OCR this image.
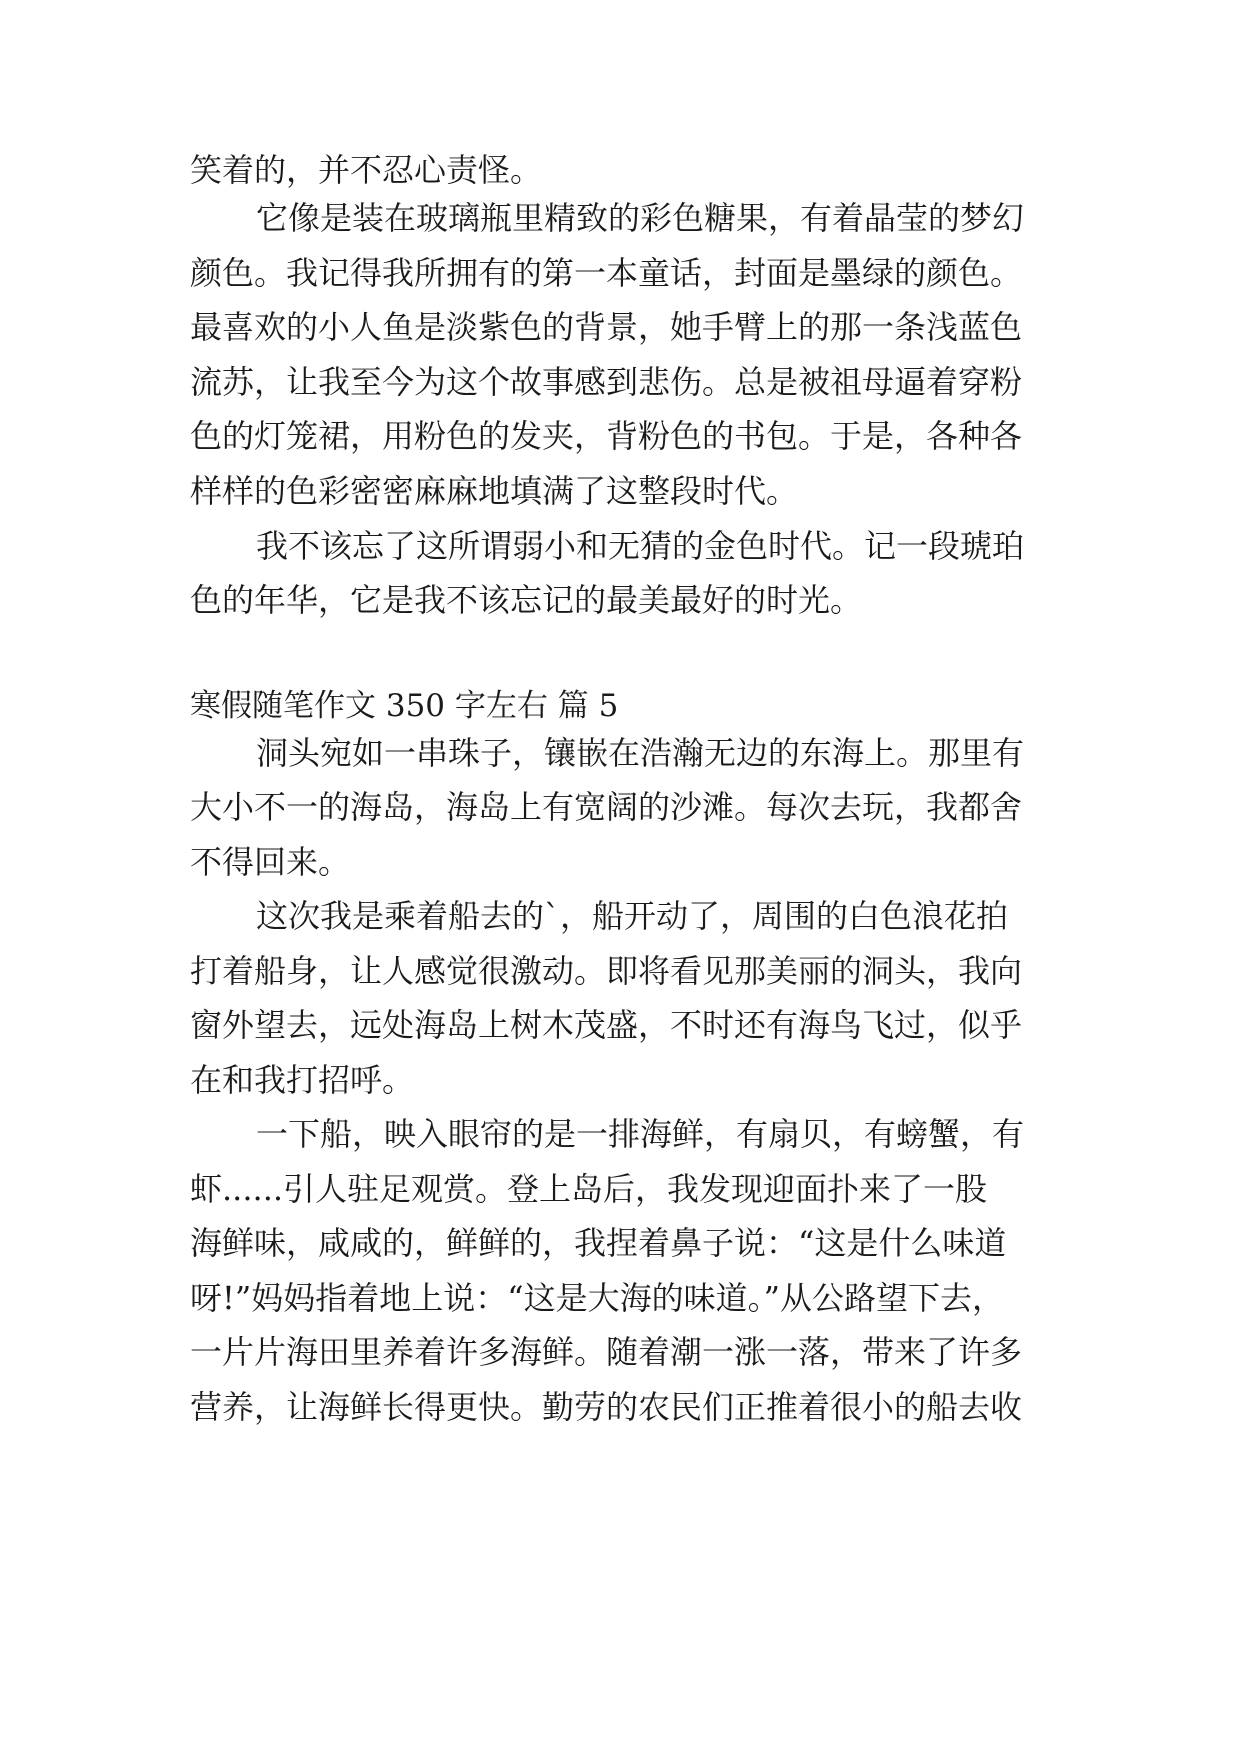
笑着的，并不忍心责怪。
它像是装在玻璃瓶里精致的彩色糖果，有着晶莹的梦幻
颜色。我记得我所拥有的第一本童话，封面是墨绿的颜色。
最喜欢的小人鱼是淡紫色的背景，她手臂上的那一条浅蓝色
流苏，让我至今为这个故事感到悲伤。总是被祖母逼着穿粉
色的灯笼裙，用粉色的发夹，背粉色的书包。于是，各种各
样样的色彩密密麻麻地填满了这整段时代。
我不该忘了这所谓弱小和无猜的金色时代。记一段琥珀
色的年华，它是我不该忘记的最美最好的时光。
寒假随笔作文 350 字左右 篇 5
洞头宛如一串珠子，镶嵌在浩瀚无边的东海上。那里有
大小不一的海岛，海岛上有宽阔的沙滩。每次去玩，我都舍
不得回来。
这次我是乘着船去的`，船开动了，周围的白色浪花拍
打着船身，让人感觉很激动。即将看见那美丽的洞头，我向
窗外望去，远处海岛上树木茂盛，不时还有海鸟飞过，似乎
在和我打招呼。
一下船，映入眼帘的是一排海鲜，有扇贝，有螃蟹，有
虾......引人驻足观赏。登上岛后，我发现迎面扑来了一股
海鲜味，咸咸的，鲜鲜的，我捏着鼻子说：“这是什么味道
呀!”妈妈指着地上说：“这是大海的味道。”从公路望下去，
一片片海田里养着许多海鲜。随着潮一涨一落，带来了许多
营养，让海鲜长得更快。勤劳的农民们正推着很小的船去收
